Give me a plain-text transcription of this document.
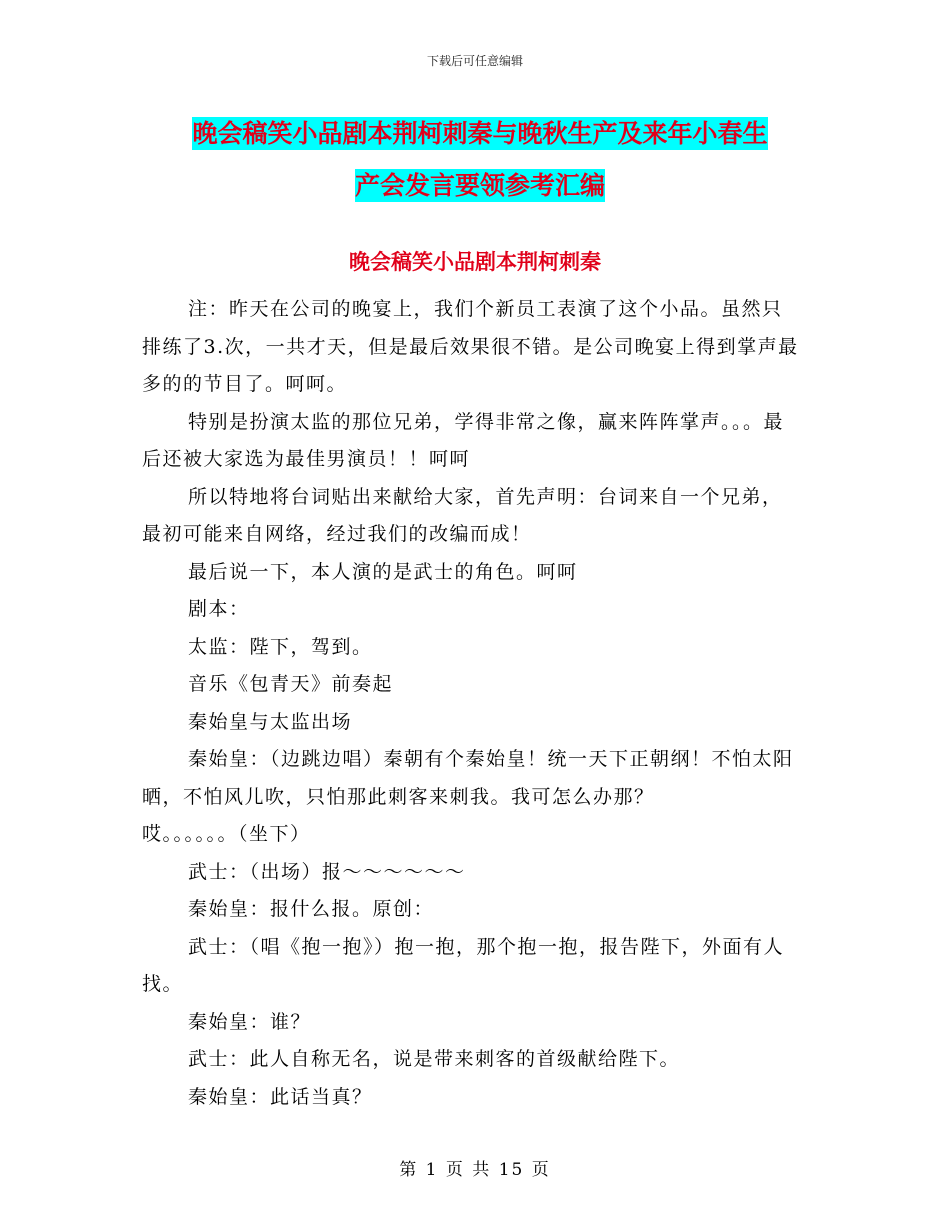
下载后可任意编辑
晚会稿笑小品剧本荆柯刺秦与晚秋生产及来年小春生
产会发言要领参考汇编
晚会稿笑小品剧本荆柯刺秦

注：昨天在公司的晚宴上，我们个新员工表演了这个小品。虽然只排练了3.次，一共才天，但是最后效果很不错。是公司晚宴上得到掌声最多的的节目了。呵呵。

特别是扮演太监的那位兄弟，学得非常之像，赢来阵阵掌声。。。最后还被大家选为最佳男演员！！呵呵

所以特地将台词贴出来献给大家，首先声明：台词来自一个兄弟，最初可能来自网络，经过我们的改编而成！

最后说一下，本人演的是武士的角色。呵呵

剧本：

太监：陛下，驾到。

音乐《包青天》前奏起

秦始皇与太监出场

秦始皇：（边跳边唱）秦朝有个秦始皇！统一天下正朝纲！不怕太阳晒，不怕风儿吹，只怕那此刺客来刺我。我可怎么办那？

哎。。。。。。（坐下）

武士：（出场）报～～～～～～

秦始皇：报什么报。原创：

武士：（唱《抱一抱》）抱一抱，那个抱一抱，报告陛下，外面有人找。

秦始皇：谁？

武士：此人自称无名，说是带来刺客的首级献给陛下。

秦始皇：此话当真？

第 1 页 共 15 页
